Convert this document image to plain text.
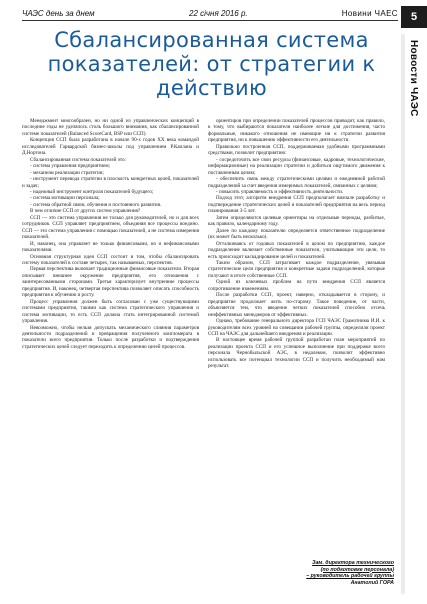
ЧАЭС день за днем	22 січня 2016 р.	Новини ЧАЕС	5
Новости ЧАЭС
Сбалансированная система показателей: от стратегии к действию

Менеджмент многообразен, но ни одной из управленческих концепций в последние годы не уделялось столь большого внимания, как сбалансированной системе показателей (Balanced ScoreCard, BSP или ССП).

Концепция ССП была разработана в начале 90-х годов XX века командой исследователей Гарвардской бизнес-школы под управлением Р.Каплана и Д.Нортона.

Сбалансированная система показателей это:

- система управления предприятием;

- механизм реализации стратегии;

- инструмент перевода стратегии в плоскость конкретных целей, показателей и задач;

- надежный инструмент контроля показателей будущего;

- система мотивации персонала;

- система обратной связи, обучения и постоянного развития.

В чем отличие ССП от других систем управления?

ССП — это система управления не только для руководителей, но и для всех сотрудников. ССП управляет предприятием, объединяя все процессы воедино. ССП — это система управления с помощью показателей, а не система измерения показателей.

И, наконец, она управляет не только финансовыми, но и нефинансовыми показателями.

Основная структурная идея ССП состоит в том, чтобы сбалансировать систему показателей в составе четырех, так называемых, перспектив.

Первая перспектива включает традиционные финансовые показатели. Вторая описывает внешнее окружение предприятия, его отношения с заинтересованными сторонами. Третья характеризует внутренние процессы предприятия. И, наконец, четвертая перспектива позволяет описать способность предприятия к обучению и росту.

Процесс управления должен быть согласован с уже существующими системами предприятия, такими как система стратегического управления и система мотивации, то есть ССП должна стать интегрированной системой управления.

Невозможно, чтобы нельзя допускать механического слияния параметров деятельности подразделений и превращения полученного конгломерата в показатели всего предприятия. Только после разработки и подтверждения стратегических целей следует переходить к определению целей процессов.

ориентиров при определении показателей процессов приводит, как правило, к тому, что выбираются показатели наиболее легкие для достижения, часто формальные, никакого отношения не имеющие ни к стратегии развития предприятия, ни к повышению эффективности его деятельности.

Правильно построенная ССП, поддерживаемая удобными программными средствами, позволит предприятию:

- сосредоточить все свои ресурсы (финансовые, кадровые, технологические, информационные) на реализации стратегии и добиться ощутимого движения к поставленным целям;

- обеспечить связь между стратегическими целями и ежедневной работой подразделений за счет введения измеримых показателей, связанных с целями;

- повысить управляемость и эффективность деятельности.

Подход этот, алгоритм внедрения ССП предполагает вначале разработку и подтверждение стратегических целей и показателей предприятия на весь период планирования 3-5 лет.

Затем определяются целевые ориентиры на отдельные периоды, разбитые, как правило, календарному году.

Далее по каждому показателю определяется ответственное подразделение (их может быть несколько).

Отталкиваясь от годовых показателей в целом по предприятию, каждое подразделение включает собственные показатели, учитывающие эти цели, то есть происходит каскадирование целей и показателей.

Таким образом, ССП затрагивает каждое подразделение, увязывая стратегические цели предприятия и конкретные задачи подразделений, которые получают в итоге собственные ССП.

Одной из ключевых проблем на пути внедрения ССП является сопротивление изменениям.

После разработки ССП, проект, наверно, откладывается в сторону, и предприятие продолжает жить по-старому. Такое поведение, от части, объясняется тем, что введение четких показателей способно отсечь неэффективных менеджеров от эффективных.

Однако, требование генерального директора ГСП ЧАЭС Грамотнима И.И. к руководителям всех уровней на совещании рабочей группы, определили проект ССП на ЧАЭС для дальнейшего внедрения и реализации.

В настоящее время рабочей группой разработан план мероприятий по реализации проекта ССП и его успешное выполнение при поддержке всего персонала Чернобыльской АЭС, в недалеком, позволит эффективно использовать все потенциал технологии ССП и получить необходимый нам результат.

Зам. директора технического
(по подготовке персонала)
– руководитель рабочей группы
Анатолий ГОРА
